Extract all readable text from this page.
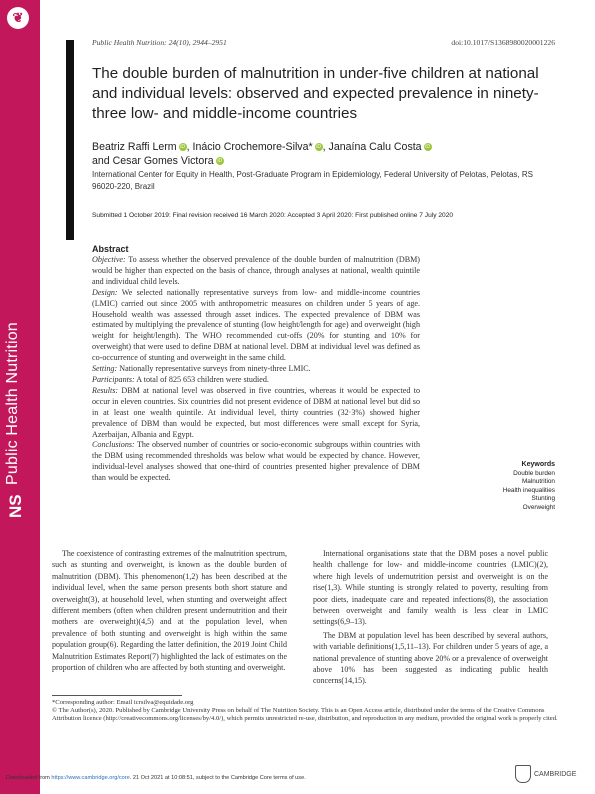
❦
Public Health Nutrition
NS
Public Health Nutrition: 24(10), 2944–2951	doi:10.1017/S1368980020001226
The double burden of malnutrition in under-five children at national and individual levels: observed and expected prevalence in ninety-three low- and middle-income countries
Beatriz Raffi Lerm iD , Inácio Crochemore-Silva* iD , Janaína Calu Costa iD
and Cesar Gomes Victora iD
International Center for Equity in Health, Post-Graduate Program in Epidemiology, Federal University of Pelotas, Pelotas, RS 96020-220, Brazil
Submitted 1 October 2019: Final revision received 16 March 2020: Accepted 3 April 2020: First published online 7 July 2020
Abstract

Objective: To assess whether the observed prevalence of the double burden of malnutrition (DBM) would be higher than expected on the basis of chance, through analyses at national, wealth quintile and individual child levels.

Design: We selected nationally representative surveys from low- and middle-income countries (LMIC) carried out since 2005 with anthropometric measures on children under 5 years of age. Household wealth was assessed through asset indices. The expected prevalence of DBM was estimated by multiplying the prevalence of stunting (low height/length for age) and overweight (high weight for height/length). The WHO recommended cut-offs (20% for stunting and 10% for overweight) that were used to define DBM at national level. DBM at individual level was defined as co-occurrence of stunting and overweight in the same child.

Setting: Nationally representative surveys from ninety-three LMIC.

Participants: A total of 825 653 children were studied.

Results: DBM at national level was observed in five countries, whereas it would be expected to occur in eleven countries. Six countries did not present evidence of DBM at national level but did so in at least one wealth quintile. At individual level, thirty countries (32·3%) showed higher prevalence of DBM than would be expected, but most differences were small except for Syria, Azerbaijan, Albania and Egypt.

Conclusions: The observed number of countries or socio-economic subgroups within countries with the DBM using recommended thresholds was below what would be expected by chance. However, individual-level analyses showed that one-third of countries presented higher prevalence of DBM than would be expected.

Keywords
Double burden
Malnutrition
Health inequalities
Stunting
Overweight

The coexistence of contrasting extremes of the malnutrition spectrum, such as stunting and overweight, is known as the double burden of malnutrition (DBM). This phenomenon(1,2) has been described at the individual level, when the same person presents both short stature and overweight(3), at household level, when stunting and overweight affect different members (often when children present undernutrition and their mothers are overweight)(4,5) and at the population level, when prevalence of both stunting and overweight is high within the same population group(6). Regarding the latter definition, the 2019 Joint Child Malnutrition Estimates Report(7) highlighted the lack of estimates on the proportion of children who are affected by both stunting and overweight.

International organisations state that the DBM poses a novel public health challenge for low- and middle-income countries (LMIC)(2), where high levels of undernutrition persist and overweight is on the rise(1,3). While stunting is strongly related to poverty, resulting from poor diets, inadequate care and repeated infections(8), the association between overweight and family wealth is less clear in LMIC settings(6,9–13).

The DBM at population level has been described by several authors, with variable definitions(1,5,11–13). For children under 5 years of age, a national prevalence of stunting above 20% or a prevalence of overweight above 10% has been suggested as indicating public health concerns(14,15).

*Corresponding author: Email icrsilva@equidade.org
© The Author(s), 2020. Published by Cambridge University Press on behalf of The Nutrition Society. This is an Open Access article, distributed under the terms of the Creative Commons Attribution licence (http://creativecommons.org/licenses/by/4.0/), which permits unrestricted re-use, distribution, and reproduction in any medium, provided the original work is properly cited.
Downloaded from https://www.cambridge.org/core. 21 Oct 2021 at 10:08:51, subject to the Cambridge Core terms of use.
CAMBRIDGE
